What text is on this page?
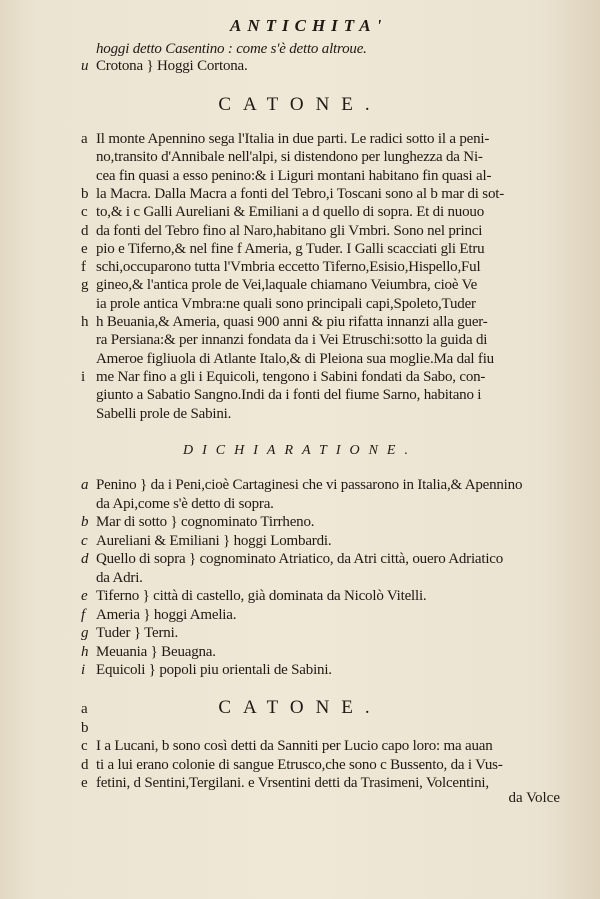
ANTICHITA'
hoggi detto Casentino : come s'è detto altroue.
u Crotona } Hoggi Cortona.
CATONE.
a Il monte Apennino sega l'Italia in due parti. Le radici sotto il a peni-
no,transito d'Annibale nell'alpi, si distendono per lunghezza da Ni-
cea fin quasi a esso penino:& i Liguri montani habitano fin quasi al-
b la Macra. Dalla Macra a fonti del Tebro,i Toscani sono al b mar di sot-
c to,& i c Galli Aureliani & Emiliani a d quello di sopra. Et di nuouo
d da fonti del Tebro fino al Naro,habitano gli Vmbri. Sono nel princi
e pio e Tiferno,& nel fine f Ameria, g Tuder. I Galli scacciati gli Etru
f schi,occuparono tutta l'Vmbria eccetto Tiferno,Esisio,Hispello,Ful
g gineo,& l'antica prole de Vei,laquale chiamano Veiumbra, cioè Ve
ia prole antica Vmbra:ne quali sono principali capi,Spoleto,Tuder
h h Beuania,& Ameria, quasi 900 anni & piu rifatta innanzi alla guer-
ra Persiana:& per innanzi fondata da i Vei Etruschi:sotto la guida di
Ameroe figliuola di Atlante Italo,& di Pleiona sua moglie.Ma dal fiu
i me Nar fino a gli i Equicoli, tengono i Sabini fondati da Sabo, con-
giunto a Sabatio Sangno.Indi da i fonti del fiume Sarno, habitano i
Sabelli prole de Sabini.
DICHIARATIONE.
a Penino } da i Peni,cioè Cartaginesi che vi passarono in Italia,& Apennino
da Api,come s'è detto di sopra.
b Mar di sotto } cognominato Tirrheno.
c Aureliani & Emiliani } hoggi Lombardi.
d Quello di sopra } cognominato Atriatico, da Atri città, ouero Adriatico
da Adri.
e Tiferno } città di castello, già dominata da Nicolò Vitelli.
f Ameria } hoggi Amelia.
g Tuder } Terni.
h Meuania } Beuagna.
i Equicoli } popoli piu orientali de Sabini.
CATONE.
a
b
c I a Lucani, b sono così detti da Sanniti per Lucio capo loro: ma auan
d ti a lui erano colonie di sangue Etrusco,che sono c Bussento, da i Vus-
e fetini, d Sentini,Tergilani. e Vrsentini detti da Trasimeni, Volcentini,
da Volce
